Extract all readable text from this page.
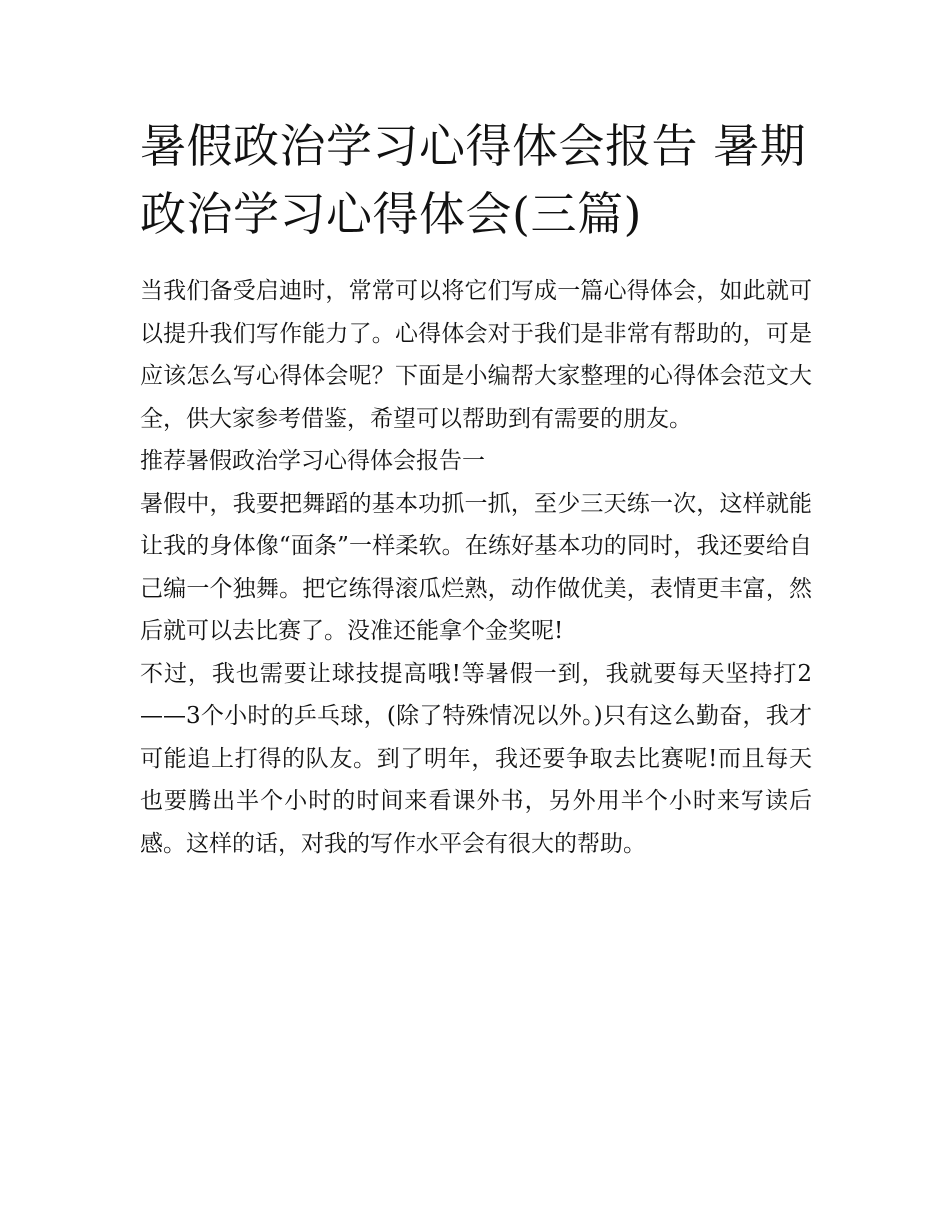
暑假政治学习心得体会报告 暑期政治学习心得体会(三篇)

当我们备受启迪时，常常可以将它们写成一篇心得体会，如此就可以提升我们写作能力了。心得体会对于我们是非常有帮助的，可是应该怎么写心得体会呢？下面是小编帮大家整理的心得体会范文大全，供大家参考借鉴，希望可以帮助到有需要的朋友。

推荐暑假政治学习心得体会报告一

暑假中，我要把舞蹈的基本功抓一抓，至少三天练一次，这样就能让我的身体像“面条”一样柔软。在练好基本功的同时，我还要给自己编一个独舞。把它练得滚瓜烂熟，动作做优美，表情更丰富，然后就可以去比赛了。没准还能拿个金奖呢!

不过，我也需要让球技提高哦!等暑假一到，我就要每天坚持打2——3个小时的乒乓球，(除了特殊情况以外。)只有这么勤奋，我才可能追上打得的队友。到了明年，我还要争取去比赛呢!而且每天也要腾出半个小时的时间来看课外书，另外用半个小时来写读后感。这样的话，对我的写作水平会有很大的帮助。
